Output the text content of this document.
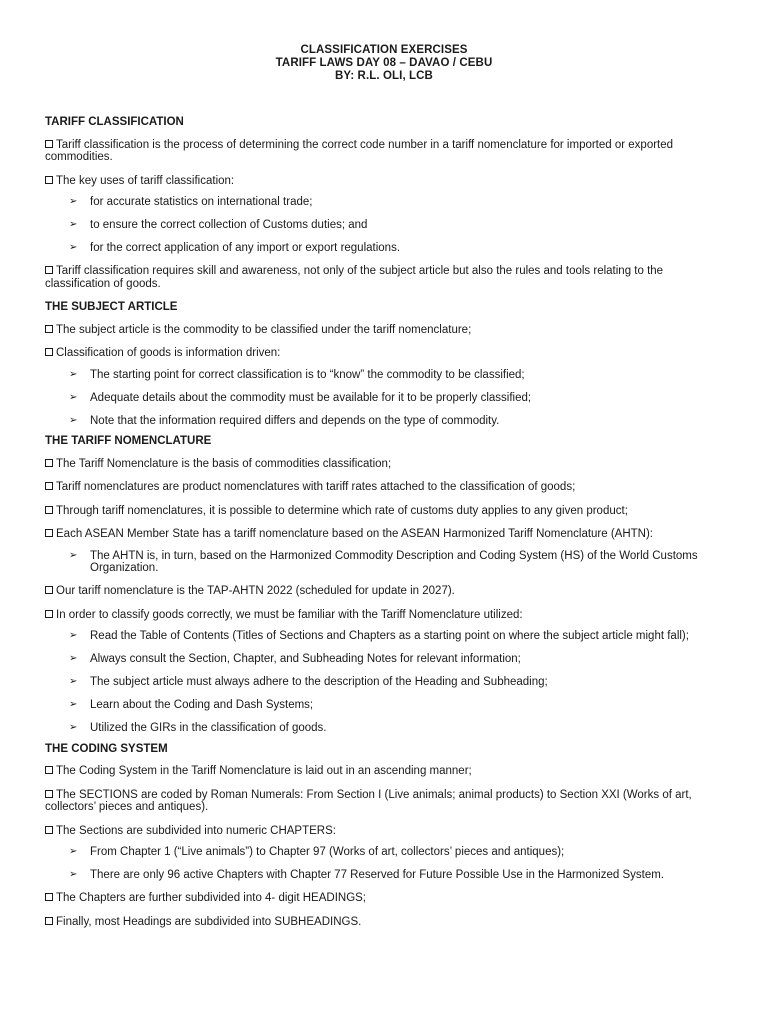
CLASSIFICATION EXERCISES
TARIFF LAWS DAY 08 – DAVAO / CEBU
BY: R.L. OLI, LCB
TARIFF CLASSIFICATION
Tariff classification is the process of determining the correct code number in a tariff nomenclature for imported or exported commodities.
The key uses of tariff classification:
➢ for accurate statistics on international trade;
➢ to ensure the correct collection of Customs duties; and
➢ for the correct application of any import or export regulations.
Tariff classification requires skill and awareness, not only of the subject article but also the rules and tools relating to the classification of goods.
THE SUBJECT ARTICLE
The subject article is the commodity to be classified under the tariff nomenclature;
Classification of goods is information driven:
➢ The starting point for correct classification is to “know” the commodity to be classified;
➢ Adequate details about the commodity must be available for it to be properly classified;
➢ Note that the information required differs and depends on the type of commodity.
THE TARIFF NOMENCLATURE
The Tariff Nomenclature is the basis of commodities classification;
Tariff nomenclatures are product nomenclatures with tariff rates attached to the classification of goods;
Through tariff nomenclatures, it is possible to determine which rate of customs duty applies to any given product;
Each ASEAN Member State has a tariff nomenclature based on the ASEAN Harmonized Tariff Nomenclature (AHTN):
➢ The AHTN is, in turn, based on the Harmonized Commodity Description and Coding System (HS) of the World Customs Organization.
Our tariff nomenclature is the TAP-AHTN 2022 (scheduled for update in 2027).
In order to classify goods correctly, we must be familiar with the Tariff Nomenclature utilized:
➢ Read the Table of Contents (Titles of Sections and Chapters as a starting point on where the subject article might fall);
➢ Always consult the Section, Chapter, and Subheading Notes for relevant information;
➢ The subject article must always adhere to the description of the Heading and Subheading;
➢ Learn about the Coding and Dash Systems;
➢ Utilized the GIRs in the classification of goods.
THE CODING SYSTEM
The Coding System in the Tariff Nomenclature is laid out in an ascending manner;
The SECTIONS are coded by Roman Numerals: From Section I (Live animals; animal products) to Section XXI (Works of art, collectors’ pieces and antiques).
The Sections are subdivided into numeric CHAPTERS:
➢ From Chapter 1 (“Live animals”) to Chapter 97 (Works of art, collectors’ pieces and antiques);
➢ There are only 96 active Chapters with Chapter 77 Reserved for Future Possible Use in the Harmonized System.
The Chapters are further subdivided into 4- digit HEADINGS;
Finally, most Headings are subdivided into SUBHEADINGS.
